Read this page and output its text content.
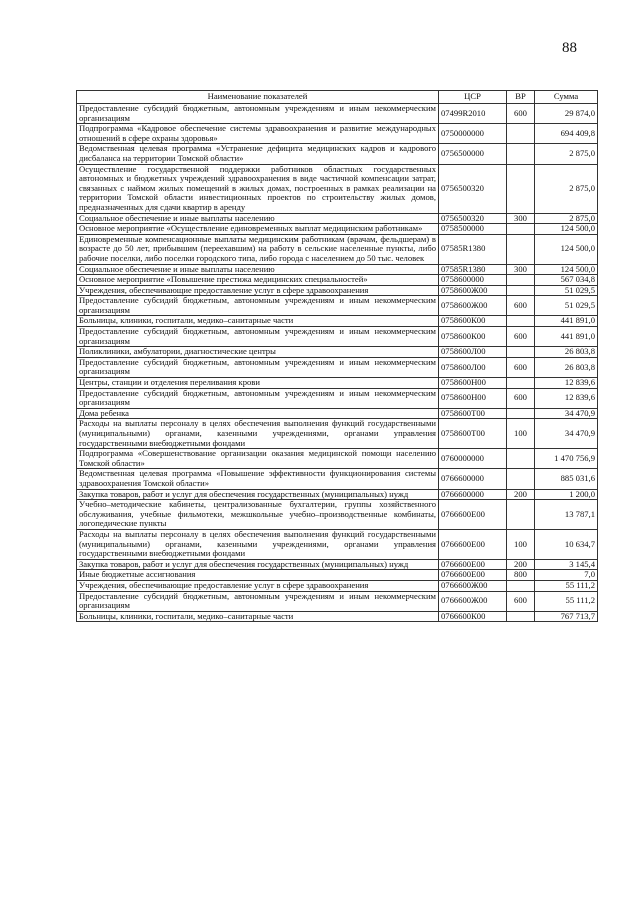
88
Наименование показателей	ЦСР	ВР	Сумма
Предоставление субсидий бюджетным, автономным учреждениям и иным некоммерческим организациям	07499R2010	600	29 874,0
Подпрограмма «Кадровое обеспечение системы здравоохранения и развитие международных отношений в сфере охраны здоровья»	0750000000		694 409,8
Ведомственная целевая программа «Устранение дефицита медицинских кадров и кадрового дисбаланса на территории Томской области»	0756500000		2 875,0
Осуществление государственной поддержки работников областных государственных автономных и бюджетных учреждений здравоохранения в виде частичной компенсации затрат, связанных с наймом жилых помещений в жилых домах, построенных в рамках реализации на территории Томской области инвестиционных проектов по строительству жилых домов, предназначенных для сдачи квартир в аренду	0756500320		2 875,0
Социальное обеспечение и иные выплаты населению	0756500320	300	2 875,0
Основное мероприятие «Осуществление единовременных выплат медицинским работникам»	0758500000		124 500,0
Единовременные компенсационные выплаты медицинским работникам (врачам, фельдшерам) в возрасте до 50 лет, прибывшим (переехавшим) на работу в сельские населенные пункты, либо рабочие поселки, либо поселки городского типа, либо города с населением до 50 тыс. человек	07585R1380		124 500,0
Социальное обеспечение и иные выплаты населению	07585R1380	300	124 500,0
Основное мероприятие «Повышение престижа медицинских специальностей»	0758600000		567 034,8
Учреждения, обеспечивающие предоставление услуг в сфере здравоохранения	0758600Ж00		51 029,5
Предоставление субсидий бюджетным, автономным учреждениям и иным некоммерческим организациям	0758600Ж00	600	51 029,5
Больницы, клиники, госпитали, медико–санитарные части	0758600К00		441 891,0
Предоставление субсидий бюджетным, автономным учреждениям и иным некоммерческим организациям	0758600К00	600	441 891,0
Поликлиники, амбулатории, диагностические центры	0758600Л00		26 803,8
Предоставление субсидий бюджетным, автономным учреждениям и иным некоммерческим организациям	0758600Л00	600	26 803,8
Центры, станции и отделения переливания крови	0758600Н00		12 839,6
Предоставление субсидий бюджетным, автономным учреждениям и иным некоммерческим организациям	0758600Н00	600	12 839,6
Дома ребенка	0758600Т00		34 470,9
Расходы на выплаты персоналу в целях обеспечения выполнения функций государственными (муниципальными) органами, казенными учреждениями, органами управления государственными внебюджетными фондами	0758600Т00	100	34 470,9
Подпрограмма «Совершенствование организации оказания медицинской помощи населению Томской области»	0760000000		1 470 756,9
Ведомственная целевая программа «Повышение эффективности функционирования системы здравоохранения Томской области»	0766600000		885 031,6
Закупка товаров, работ и услуг для обеспечения государственных (муниципальных) нужд	0766600000	200	1 200,0
Учебно–методические кабинеты, централизованные бухгалтерии, группы хозяйственного обслуживания, учебные фильмотеки, межшкольные учебно–производственные комбинаты, логопедические пункты	0766600Е00		13 787,1
Расходы на выплаты персоналу в целях обеспечения выполнения функций государственными (муниципальными) органами, казенными учреждениями, органами управления государственными внебюджетными фондами	0766600Е00	100	10 634,7
Закупка товаров, работ и услуг для обеспечения государственных (муниципальных) нужд	0766600Е00	200	3 145,4
Иные бюджетные ассигнования	0766600Е00	800	7,0
Учреждения, обеспечивающие предоставление услуг в сфере здравоохранения	0766600Ж00		55 111,2
Предоставление субсидий бюджетным, автономным учреждениям и иным некоммерческим организациям	0766600Ж00	600	55 111,2
Больницы, клиники, госпитали, медико–санитарные части	0766600К00		767 713,7
